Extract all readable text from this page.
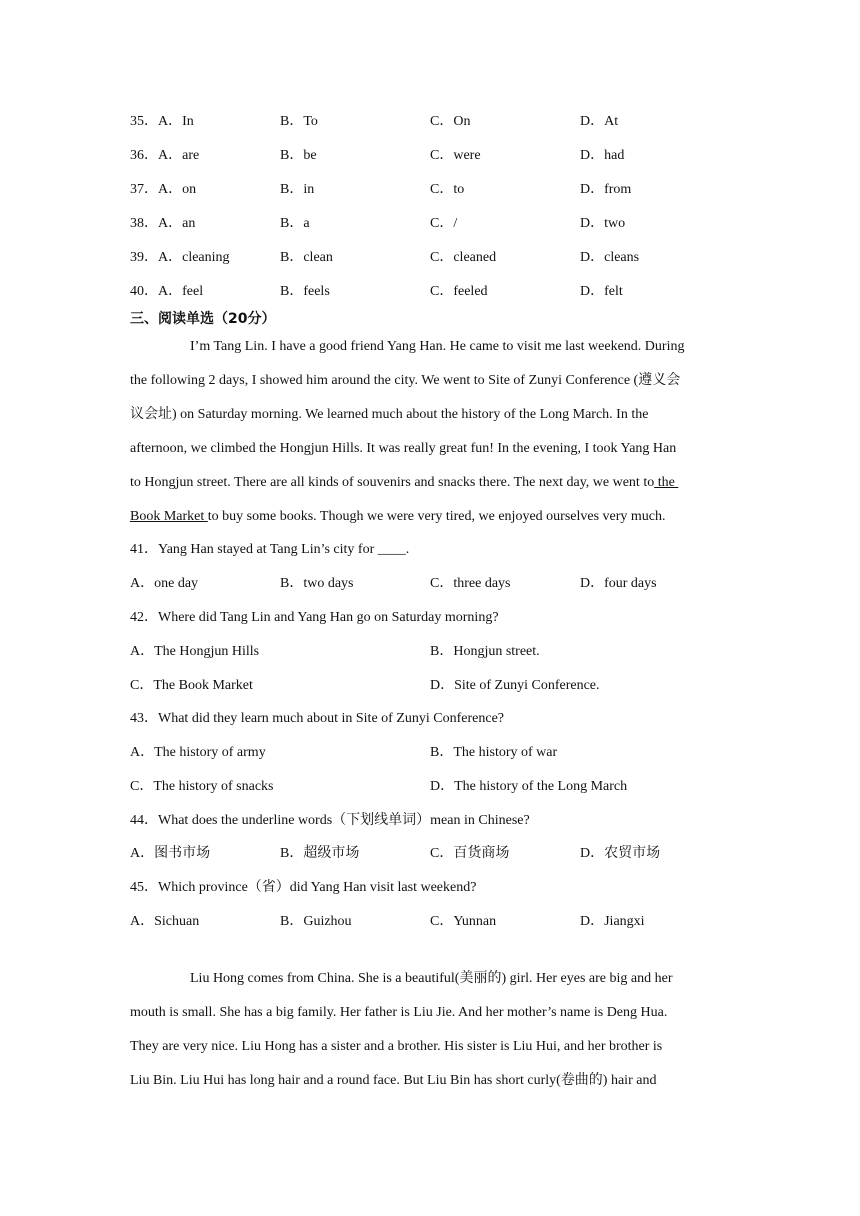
35．A．In	B．To	C．On	D．At
36．A．are	B．be	C．were	D．had
37．A．on	B．in	C．to	D．from
38．A．an	B．a	C．/	D．two
39．A．cleaning	B．clean	C．cleaned	D．cleans
40．A．feel	B．feels	C．feeled	D．felt
三、阅读单选（20分）
I’m Tang Lin. I have a good friend Yang Han. He came to visit me last weekend. During
the following 2 days, I showed him around the city. We went to Site of Zunyi Conference (遵义会
议会址) on Saturday morning. We learned much about the history of the Long March. In the
afternoon, we climbed the Hongjun Hills. It was really great fun! In the evening, I took Yang Han
to Hongjun street. There are all kinds of souvenirs and snacks there. The next day, we went to the
Book Market to buy some books. Though we were very tired, we enjoyed ourselves very much.
41．Yang Han stayed at Tang Lin’s city for ____.
A．one day	B．two days	C．three days	D．four days
42．Where did Tang Lin and Yang Han go on Saturday morning?
A．The Hongjun Hills	B．Hongjun street.
C．The Book Market	D．Site of Zunyi Conference.
43．What did they learn much about in Site of Zunyi Conference?
A．The history of army	B．The history of war
C．The history of snacks	D．The history of the Long March
44．What does the underline words（下划线单词）mean in Chinese?
A．图书市场	B．超级市场	C．百货商场	D．农贸市场
45．Which province（省）did Yang Han visit last weekend?
A．Sichuan	B．Guizhou	C．Yunnan	D．Jiangxi
Liu Hong comes from China. She is a beautiful(美丽的) girl. Her eyes are big and her
mouth is small. She has a big family. Her father is Liu Jie. And her mother’s name is Deng Hua.
They are very nice. Liu Hong has a sister and a brother. His sister is Liu Hui, and her brother is
Liu Bin. Liu Hui has long hair and a round face. But Liu Bin has short curly(卷曲的) hair and
